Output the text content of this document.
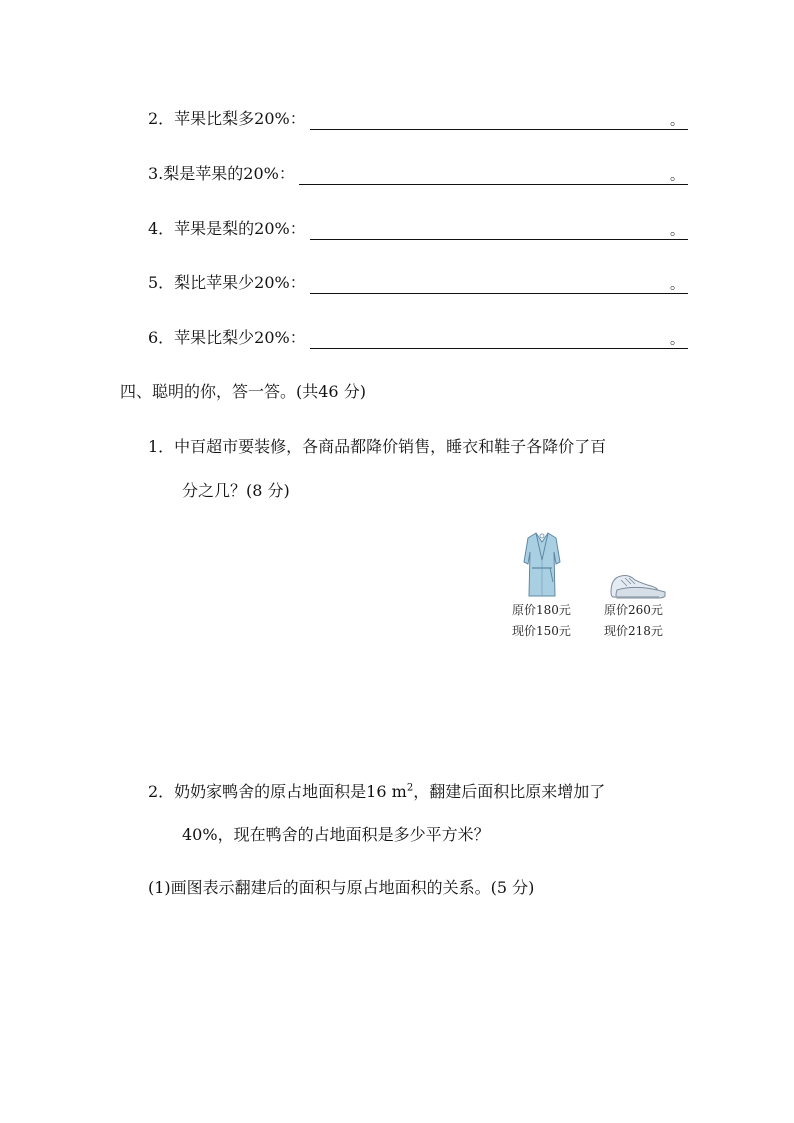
2．苹果比梨多20%：	。
3.梨是苹果的20%：	。
4．苹果是梨的20%：	。
5．梨比苹果少20%：	。
6．苹果比梨少20%：	。
四、聪明的你，答一答。(共46 分)
1．中百超市要装修，各商品都降价销售，睡衣和鞋子各降价了百
分之几？(8 分)
原价180元
现价150元
原价260元
现价218元
2．奶奶家鸭舍的原占地面积是16 $m^2$，翻建后面积比原来增加了
40%，现在鸭舍的占地面积是多少平方米？
(1)画图表示翻建后的面积与原占地面积的关系。(5 分)
